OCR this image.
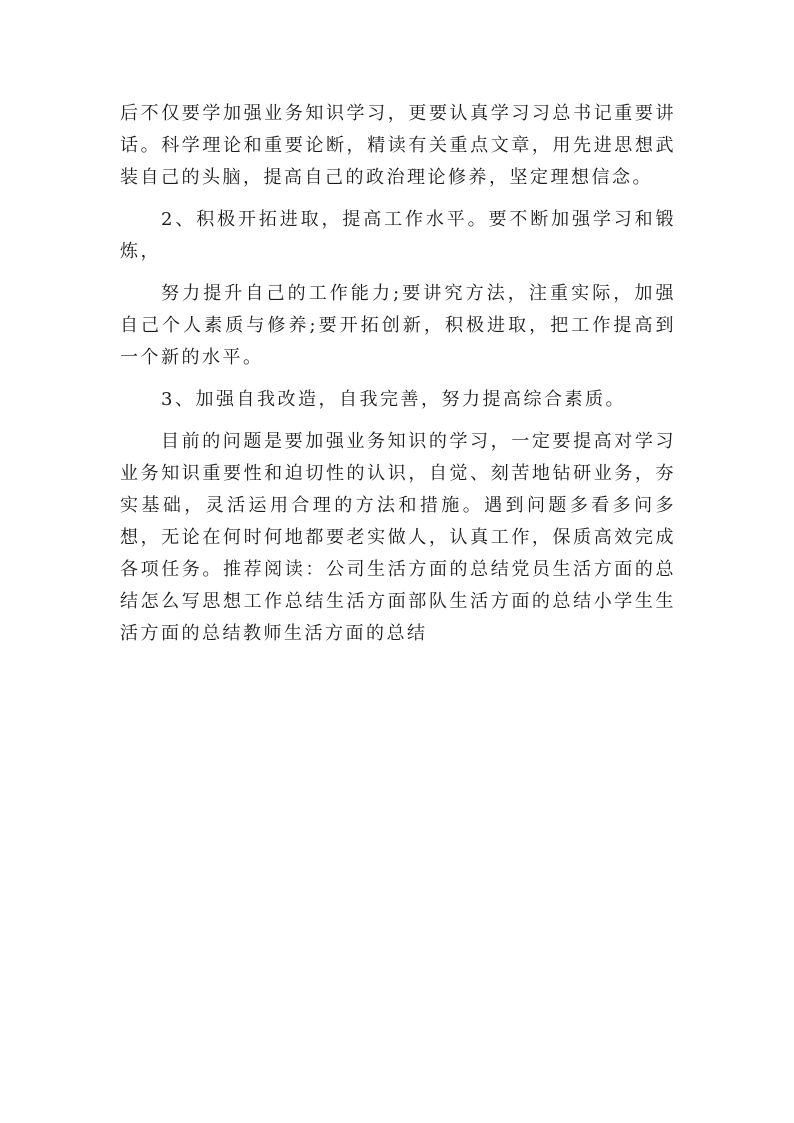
后不仅要学加强业务知识学习，更要认真学习习总书记重要讲话。科学理论和重要论断，精读有关重点文章，用先进思想武装自己的头脑，提高自己的政治理论修养，坚定理想信念。

2、积极开拓进取，提高工作水平。要不断加强学习和锻炼，

努力提升自己的工作能力;要讲究方法，注重实际，加强自己个人素质与修养;要开拓创新，积极进取，把工作提高到一个新的水平。

3、加强自我改造，自我完善，努力提高综合素质。

目前的问题是要加强业务知识的学习，一定要提高对学习业务知识重要性和迫切性的认识，自觉、刻苦地钻研业务，夯实基础，灵活运用合理的方法和措施。遇到问题多看多问多想，无论在何时何地都要老实做人，认真工作，保质高效完成各项任务。推荐阅读：公司生活方面的总结党员生活方面的总结怎么写思想工作总结生活方面部队生活方面的总结小学生生活方面的总结教师生活方面的总结
